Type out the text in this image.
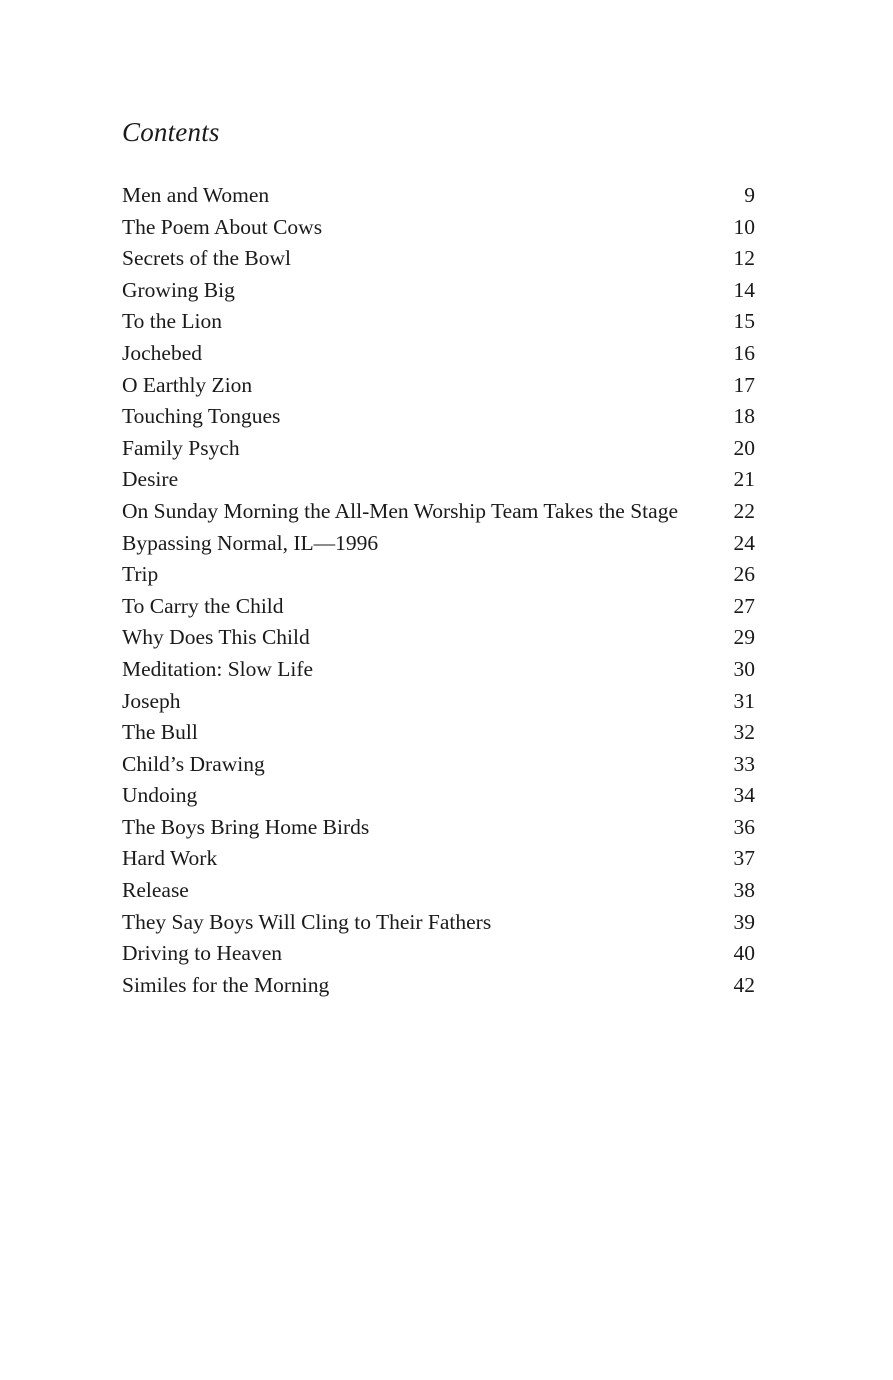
Contents
Men and Women	9
The Poem About Cows	10
Secrets of the Bowl	12
Growing Big	14
To the Lion	15
Jochebed	16
O Earthly Zion	17
Touching Tongues	18
Family Psych	20
Desire	21
On Sunday Morning the All-Men Worship Team Takes the Stage	22
Bypassing Normal, IL—1996	24
Trip	26
To Carry the Child	27
Why Does This Child	29
Meditation: Slow Life	30
Joseph	31
The Bull	32
Child’s Drawing	33
Undoing	34
The Boys Bring Home Birds	36
Hard Work	37
Release	38
They Say Boys Will Cling to Their Fathers	39
Driving to Heaven	40
Similes for the Morning	42
